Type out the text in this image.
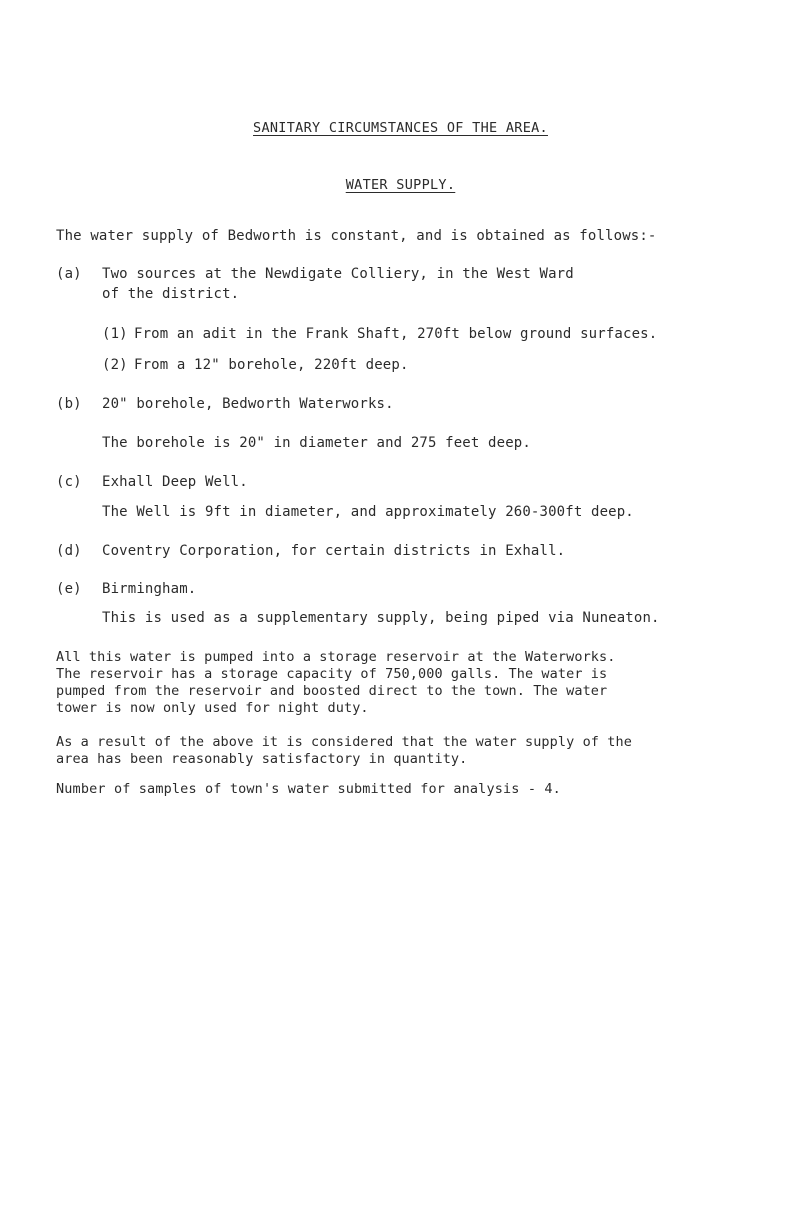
SANITARY CIRCUMSTANCES OF THE AREA.
WATER SUPPLY.
The water supply of Bedworth is constant, and is obtained as follows:-
(a) Two sources at the Newdigate Colliery, in the West Ward
of the district.
(1) From an adit in the Frank Shaft, 270ft below ground surfaces.
(2) From a 12" borehole, 220ft deep.
(b) 20" borehole, Bedworth Waterworks.
The borehole is 20" in diameter and 275 feet deep.
(c) Exhall Deep Well.
The Well is 9ft in diameter, and approximately 260-300ft deep.
(d) Coventry Corporation, for certain districts in Exhall.
(e) Birmingham.
This is used as a supplementary supply, being piped via Nuneaton.
All this water is pumped into a storage reservoir at the Waterworks.
The reservoir has a storage capacity of 750,000 galls. The water is
pumped from the reservoir and boosted direct to the town. The water
tower is now only used for night duty.
As a result of the above it is considered that the water supply of the
area has been reasonably satisfactory in quantity.
Number of samples of town's water submitted for analysis - 4.
